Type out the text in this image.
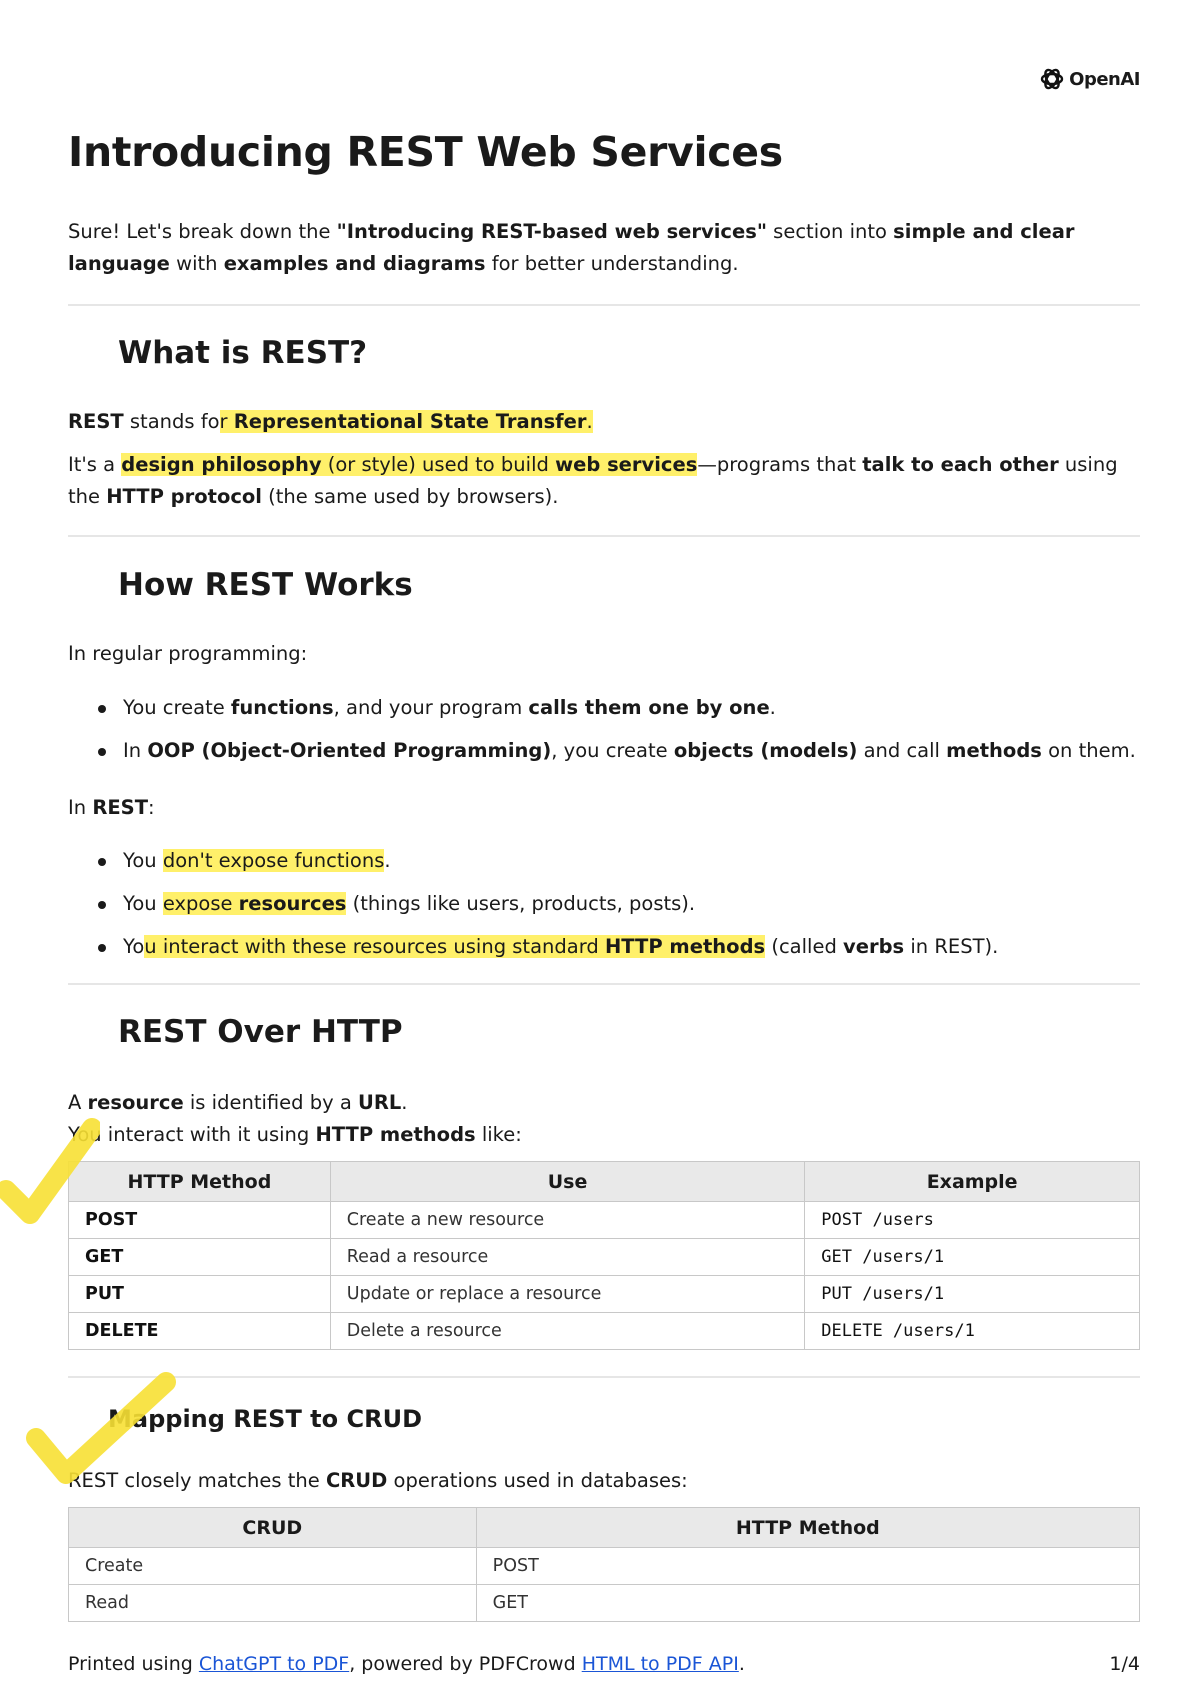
OpenAI
Introducing REST Web Services

Sure! Let's break down the "Introducing REST-based web services" section into simple and clear language with examples and diagrams for better understanding.

What is REST?

REST stands for Representational State Transfer.

It's a design philosophy (or style) used to build web services—programs that talk to each other using the HTTP protocol (the same used by browsers).

How REST Works

In regular programming:

You create functions, and your program calls them one by one.
In OOP (Object-Oriented Programming), you create objects (models) and call methods on them.

In REST:

You don't expose functions.
You expose resources (things like users, products, posts).
You interact with these resources using standard HTTP methods (called verbs in REST).
REST Over HTTP

A resource is identified by a URL.
You interact with it using HTTP methods like:

HTTP Method	Use	Example
POST	Create a new resource	POST /users
GET	Read a resource	GET /users/1
PUT	Update or replace a resource	PUT /users/1
DELETE	Delete a resource	DELETE /users/1
Mapping REST to CRUD

REST closely matches the CRUD operations used in databases:

CRUD	HTTP Method
Create	POST
Read	GET
Printed using ChatGPT to PDF, powered by PDFCrowd HTML to PDF API.	1/4
